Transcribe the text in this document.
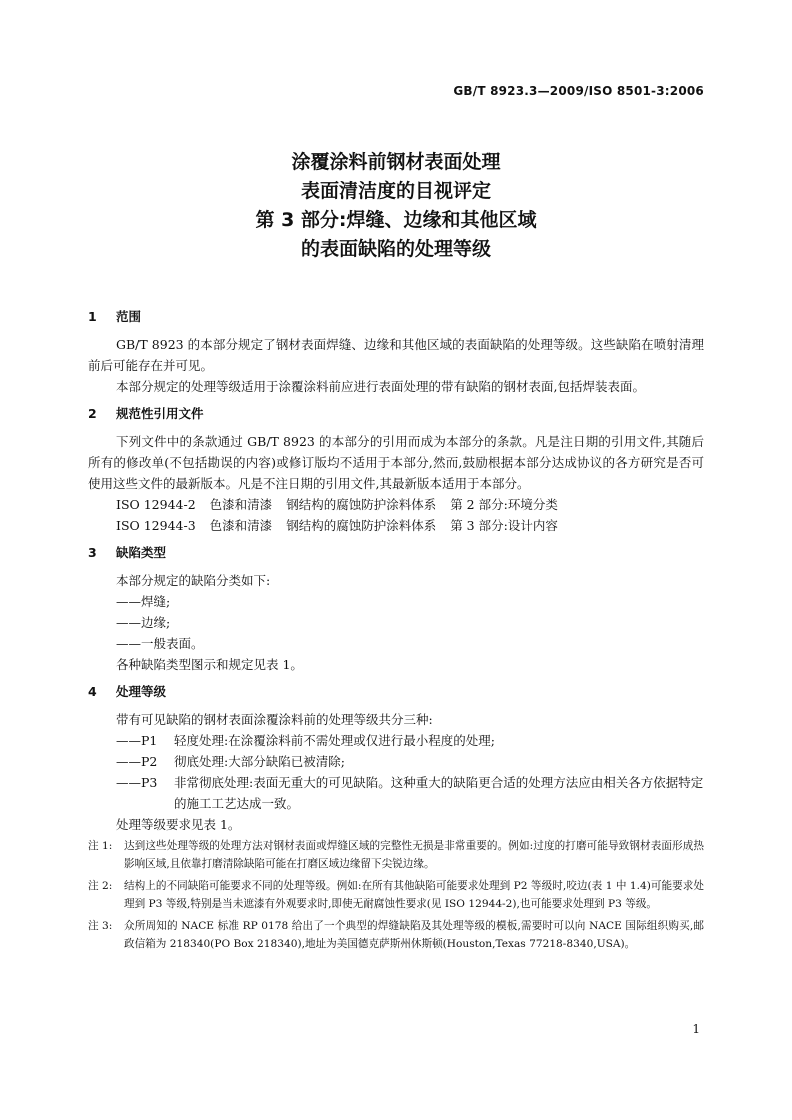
GB/T 8923.3—2009/ISO 8501-3:2006
涂覆涂料前钢材表面处理
表面清洁度的目视评定
第 3 部分:焊缝、边缘和其他区域
的表面缺陷的处理等级
1 范围
GB/T 8923 的本部分规定了钢材表面焊缝、边缘和其他区域的表面缺陷的处理等级。这些缺陷在喷射清理前后可能存在并可见。
本部分规定的处理等级适用于涂覆涂料前应进行表面处理的带有缺陷的钢材表面,包括焊装表面。
2 规范性引用文件
下列文件中的条款通过 GB/T 8923 的本部分的引用而成为本部分的条款。凡是注日期的引用文件,其随后所有的修改单(不包括勘误的内容)或修订版均不适用于本部分,然而,鼓励根据本部分达成协议的各方研究是否可使用这些文件的最新版本。凡是不注日期的引用文件,其最新版本适用于本部分。
ISO 12944-2 色漆和清漆 钢结构的腐蚀防护涂料体系 第 2 部分:环境分类
ISO 12944-3 色漆和清漆 钢结构的腐蚀防护涂料体系 第 3 部分:设计内容
3 缺陷类型
本部分规定的缺陷分类如下:
——焊缝;
——边缘;
——一般表面。
各种缺陷类型图示和规定见表 1。
4 处理等级
带有可见缺陷的钢材表面涂覆涂料前的处理等级共分三种:
——P1 轻度处理:在涂覆涂料前不需处理或仅进行最小程度的处理;
——P2 彻底处理:大部分缺陷已被清除;
——P3 非常彻底处理:表面无重大的可见缺陷。这种重大的缺陷更合适的处理方法应由相关各方依据特定的施工工艺达成一致。
处理等级要求见表 1。
注 1: 达到这些处理等级的处理方法对钢材表面或焊缝区域的完整性无损是非常重要的。例如:过度的打磨可能导致钢材表面形成热影响区域,且依靠打磨清除缺陷可能在打磨区域边缘留下尖锐边缘。
注 2: 结构上的不同缺陷可能要求不同的处理等级。例如:在所有其他缺陷可能要求处理到 P2 等级时,咬边(表 1 中 1.4)可能要求处理到 P3 等级,特别是当未遮漆有外观要求时,即使无耐腐蚀性要求(见 ISO 12944-2),也可能要求处理到 P3 等级。
注 3: 众所周知的 NACE 标准 RP 0178 给出了一个典型的焊缝缺陷及其处理等级的模板,需要时可以向 NACE 国际组织购买,邮政信箱为 218340(PO Box 218340),地址为美国德克萨斯州休斯顿(Houston,Texas 77218-8340,USA)。
1
